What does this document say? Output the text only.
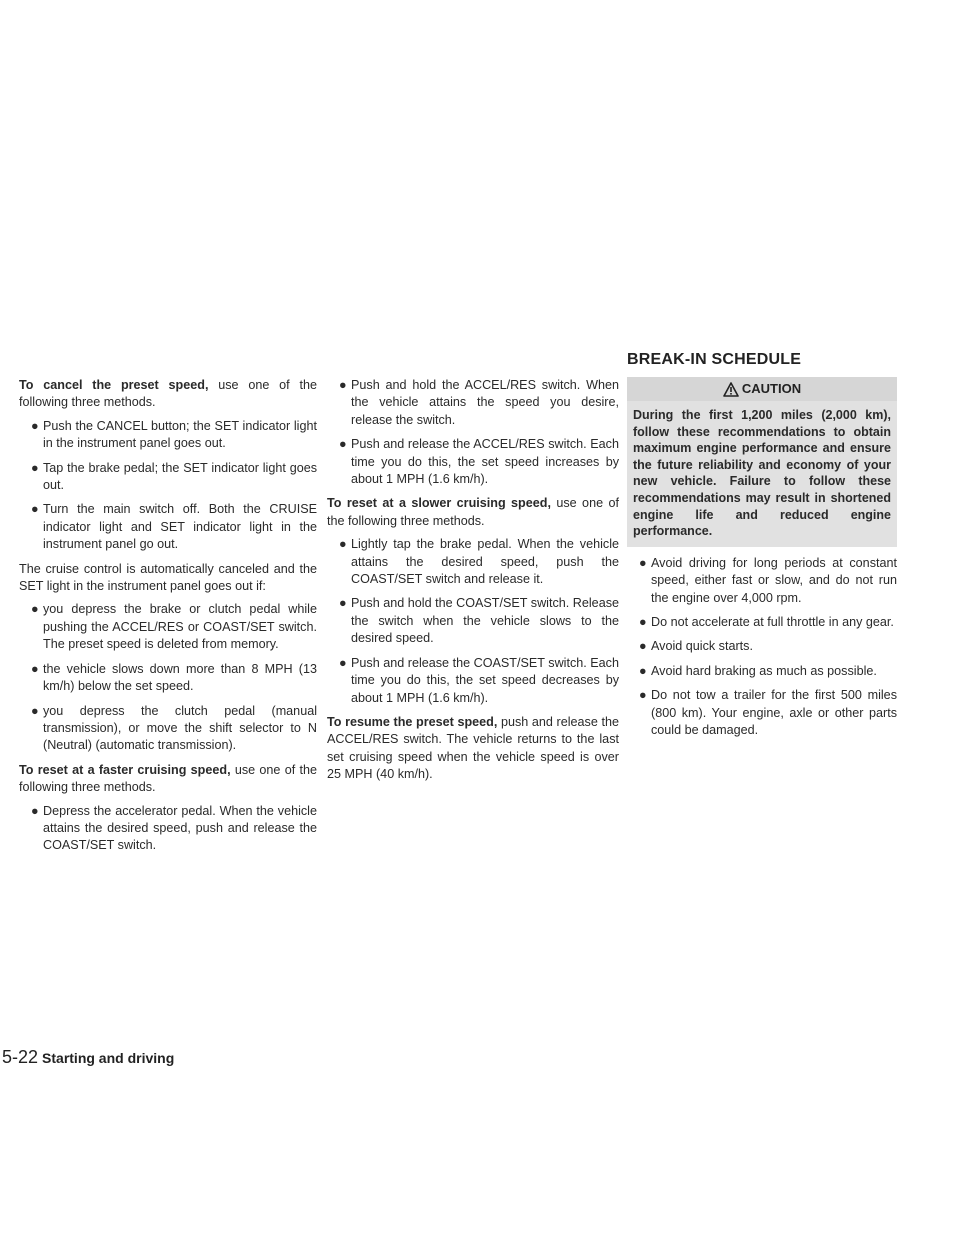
To cancel the preset speed, use one of the following three methods.

● Push the CANCEL button; the SET indicator light in the instrument panel goes out.
● Tap the brake pedal; the SET indicator light goes out.
● Turn the main switch off. Both the CRUISE indicator light and SET indicator light in the instrument panel go out.

The cruise control is automatically canceled and the SET light in the instrument panel goes out if:

● you depress the brake or clutch pedal while pushing the ACCEL/RES or COAST/SET switch. The preset speed is deleted from memory.
● the vehicle slows down more than 8 MPH (13 km/h) below the set speed.
● you depress the clutch pedal (manual transmission), or move the shift selector to N (Neutral) (automatic transmission).

To reset at a faster cruising speed, use one of the following three methods.

● Depress the accelerator pedal. When the vehicle attains the desired speed, push and release the COAST/SET switch.
● Push and hold the ACCEL/RES switch. When the vehicle attains the speed you desire, release the switch.
● Push and release the ACCEL/RES switch. Each time you do this, the set speed increases by about 1 MPH (1.6 km/h).

To reset at a slower cruising speed, use one of the following three methods.

● Lightly tap the brake pedal. When the vehicle attains the desired speed, push the COAST/SET switch and release it.
● Push and hold the COAST/SET switch. Release the switch when the vehicle slows to the desired speed.
● Push and release the COAST/SET switch. Each time you do this, the set speed decreases by about 1 MPH (1.6 km/h).

To resume the preset speed, push and release the ACCEL/RES switch. The vehicle returns to the last set cruising speed when the vehicle speed is over 25 MPH (40 km/h).

BREAK-IN SCHEDULE
CAUTION
During the first 1,200 miles (2,000 km), follow these recommendations to obtain maximum engine performance and ensure the future reliability and economy of your new vehicle. Failure to follow these recommendations may result in shortened engine life and reduced engine performance.
● Avoid driving for long periods at constant speed, either fast or slow, and do not run the engine over 4,000 rpm.
● Do not accelerate at full throttle in any gear.
● Avoid quick starts.
● Avoid hard braking as much as possible.
● Do not tow a trailer for the first 500 miles (800 km). Your engine, axle or other parts could be damaged.
5-22 Starting and driving
